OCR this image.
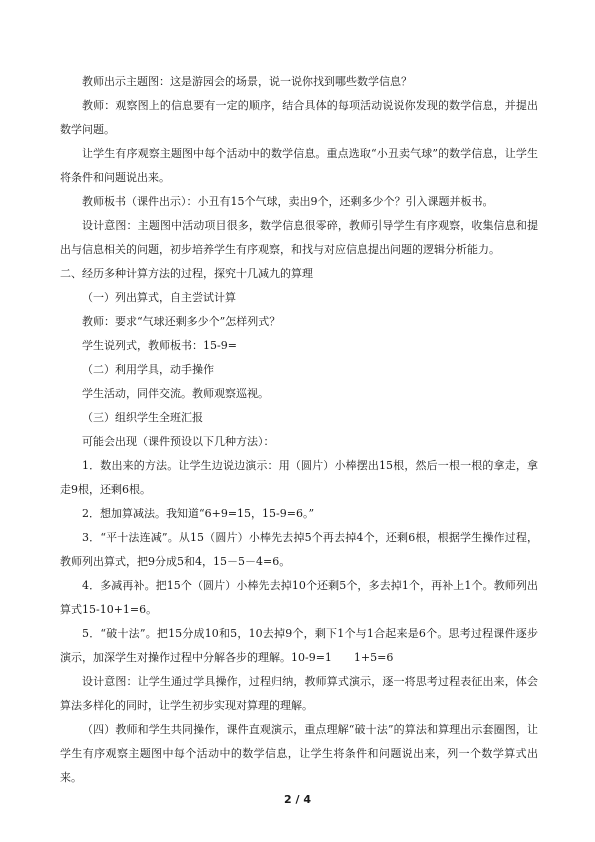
教师出示主题图：这是游园会的场景，说一说你找到哪些数学信息？

教师：观察图上的信息要有一定的顺序，结合具体的每项活动说说你发现的数学信息，并提出数学问题。

让学生有序观察主题图中每个活动中的数学信息。重点选取“小丑卖气球”的数学信息，让学生将条件和问题说出来。

教师板书（课件出示）：小丑有15个气球，卖出9个，还剩多少个？引入课题并板书。

设计意图：主题图中活动项目很多，数学信息很零碎，教师引导学生有序观察，收集信息和提出与信息相关的问题，初步培养学生有序观察，和找与对应信息提出问题的逻辑分析能力。

二、经历多种计算方法的过程，探究十几减九的算理

（一）列出算式，自主尝试计算

教师：要求“气球还剩多少个”怎样列式？

学生说列式，教师板书：15-9=

（二）利用学具，动手操作

学生活动，同伴交流。教师观察巡视。

（三）组织学生全班汇报

可能会出现（课件预设以下几种方法）：

1．数出来的方法。让学生边说边演示：用（圆片）小棒摆出15根，然后一根一根的拿走，拿走9根，还剩6根。

2．想加算减法。我知道“6+9=15，15-9=6。”

3．“平十法连减”。从15（圆片）小棒先去掉5个再去掉4个，还剩6根，根据学生操作过程，教师列出算式，把9分成5和4，15－5－4=6。

4．多减再补。把15个（圆片）小棒先去掉10个还剩5个，多去掉1个，再补上1个。教师列出算式15-10+1=6。

5．“破十法”。把15分成10和5，10去掉9个，剩下1个与1合起来是6个。思考过程课件逐步演示，加深学生对操作过程中分解各步的理解。10-9=1　　1+5=6

设计意图：让学生通过学具操作，过程归纳，教师算式演示，逐一将思考过程表征出来，体会算法多样化的同时，让学生初步实现对算理的理解。

（四）教师和学生共同操作，课件直观演示，重点理解“破十法”的算法和算理出示套圈图，让学生有序观察主题图中每个活动中的数学信息，让学生将条件和问题说出来，列一个数学算式出来。

2 / 4
